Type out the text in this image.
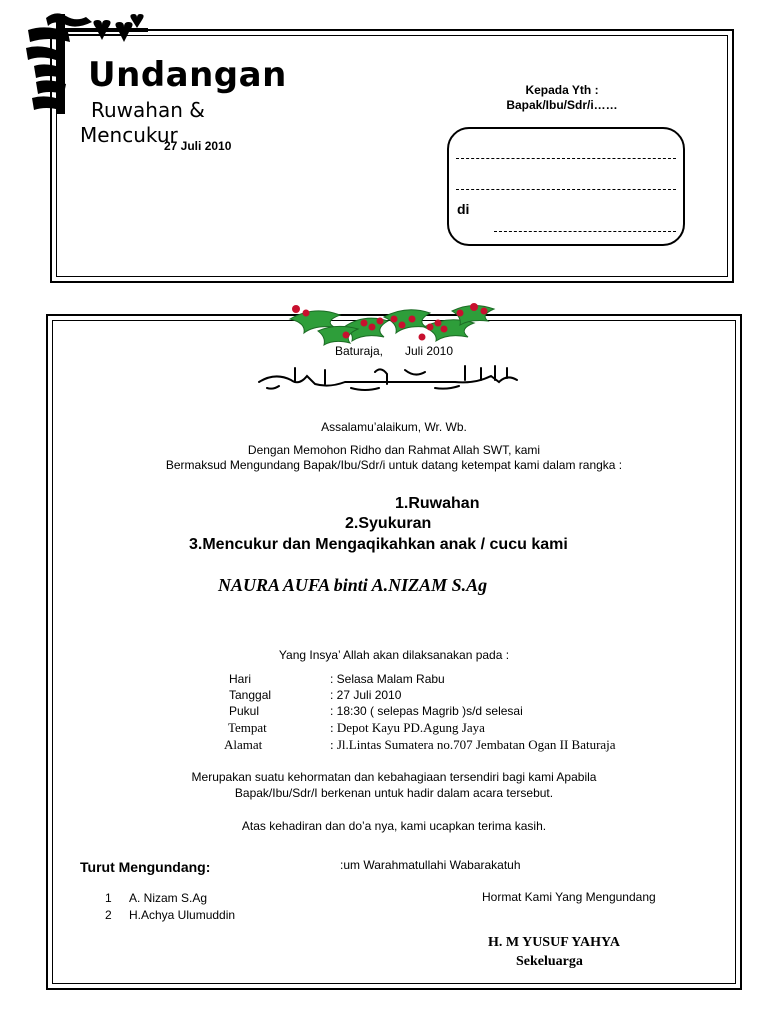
Undangan
Ruwahan &
Mencukur
27 Juli 2010
Kepada Yth :
Bapak/Ibu/Sdr/i……
di
Baturaja, Juli 2010
Assalamu’alaikum, Wr. Wb.
Dengan Memohon Ridho dan Rahmat Allah SWT, kami
Bermaksud Mengundang Bapak/Ibu/Sdr/i untuk datang ketempat kami dalam rangka :
1.Ruwahan
2.Syukuran
3.Mencukur dan Mengaqikahkan anak / cucu kami
NAURA AUFA binti A.NIZAM S.Ag
Yang Insya’ Allah akan dilaksanakan pada :
Hari	: Selasa Malam Rabu
Tanggal	: 27 Juli 2010
Pukul	: 18:30 ( selepas Magrib )s/d selesai
Tempat	: Depot Kayu PD.Agung Jaya
Alamat	: Jl.Lintas Sumatera no.707 Jembatan Ogan II Baturaja
Merupakan suatu kehormatan dan kebahagiaan tersendiri bagi kami Apabila
Bapak/Ibu/Sdr/I berkenan untuk hadir dalam acara tersebut.
Atas kehadiran dan do’a nya, kami ucapkan terima kasih.
Turut Mengundang:	:um Warahmatullahi Wabarakatuh
1 A. Nizam S.Ag
2 H.Achya Ulumuddin
Hormat Kami Yang Mengundang
H. M YUSUF YAHYA
Sekeluarga
